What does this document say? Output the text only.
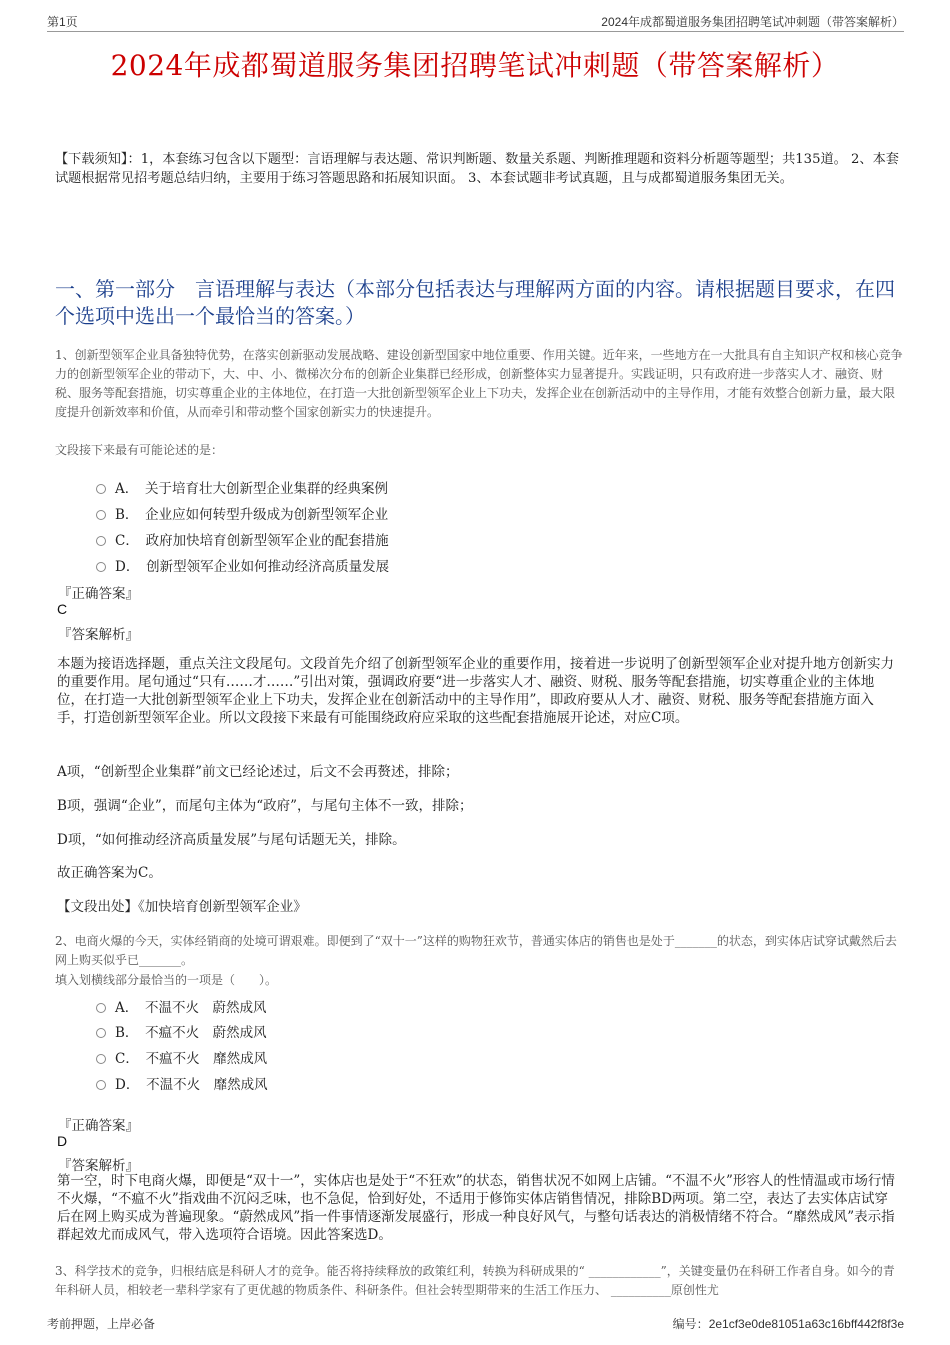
第1页	2024年成都蜀道服务集团招聘笔试冲刺题（带答案解析）
2024年成都蜀道服务集团招聘笔试冲刺题（带答案解析）
【下载须知】：1，本套练习包含以下题型：言语理解与表达题、常识判断题、数量关系题、判断推理题和资料分析题等题型；共135道。 2、本套试题根据常见招考题总结归纳，主要用于练习答题思路和拓展知识面。 3、本套试题非考试真题，且与成都蜀道服务集团无关。
一、第一部分　言语理解与表达（本部分包括表达与理解两方面的内容。请根据题目要求，在四个选项中选出一个最恰当的答案。）
1、创新型领军企业具备独特优势，在落实创新驱动发展战略、建设创新型国家中地位重要、作用关键。近年来，一些地方在一大批具有自主知识产权和核心竞争力的创新型领军企业的带动下，大、中、小、微梯次分布的创新企业集群已经形成，创新整体实力显著提升。实践证明，只有政府进一步落实人才、融资、财税、服务等配套措施，切实尊重企业的主体地位，在打造一大批创新型领军企业上下功夫，发挥企业在创新活动中的主导作用，才能有效整合创新力量，最大限度提升创新效率和价值，从而牵引和带动整个国家创新实力的快速提升。
文段接下来最有可能论述的是：
A．　 关于培育壮大创新型企业集群的经典案例
B．　 企业应如何转型升级成为创新型领军企业
C．　 政府加快培育创新型领军企业的配套措施
D．　 创新型领军企业如何推动经济高质量发展
『正确答案』
C
『答案解析』
本题为接语选择题，重点关注文段尾句。文段首先介绍了创新型领军企业的重要作用，接着进一步说明了创新型领军企业对提升地方创新实力的重要作用。尾句通过“只有……才……”引出对策，强调政府要“进一步落实人才、融资、财税、服务等配套措施，切实尊重企业的主体地位，在打造一大批创新型领军企业上下功夫，发挥企业在创新活动中的主导作用”，即政府要从人才、融资、财税、服务等配套措施方面入手，打造创新型领军企业。所以文段接下来最有可能围绕政府应采取的这些配套措施展开论述，对应C项。
A项，“创新型企业集群”前文已经论述过，后文不会再赘述，排除；
B项，强调“企业”，而尾句主体为“政府”，与尾句主体不一致，排除；
D项，“如何推动经济高质量发展”与尾句话题无关，排除。
故正确答案为C。
【文段出处】《加快培育创新型领军企业》
2、电商火爆的今天，实体经销商的处境可谓艰难。即便到了“双十一”这样的购物狂欢节，普通实体店的销售也是处于_______的状态，到实体店试穿试戴然后去网上购买似乎已_______。
填入划横线部分最恰当的一项是（　　）。
A．　 不温不火　蔚然成风
B．　 不瘟不火　蔚然成风
C．　 不瘟不火　靡然成风
D．　 不温不火　靡然成风
『正确答案』
D
『答案解析』
第一空，时下电商火爆，即便是“双十一”，实体店也是处于“不狂欢”的状态，销售状况不如网上店铺。“不温不火”形容人的性情温或市场行情不火爆，“不瘟不火”指戏曲不沉闷乏味，也不急促，恰到好处，不适用于修饰实体店销售情况，排除BD两项。第二空，表达了去实体店试穿后在网上购买成为普遍现象。“蔚然成风”指一件事情逐渐发展盛行，形成一种良好风气，与整句话表达的消极情绪不符合。“靡然成风”表示指群起效尤而成风气，带入选项符合语境。因此答案选D。
3、科学技术的竞争，归根结底是科研人才的竞争。能否将持续释放的政策红利，转换为科研成果的“ ____________”，关键变量仍在科研工作者自身。如今的青年科研人员，相较老一辈科学家有了更优越的物质条件、科研条件。但社会转型期带来的生活工作压力、 __________原创性尤
考前押题，上岸必备	编号：2e1cf3e0de81051a63c16bff442f8f3e
